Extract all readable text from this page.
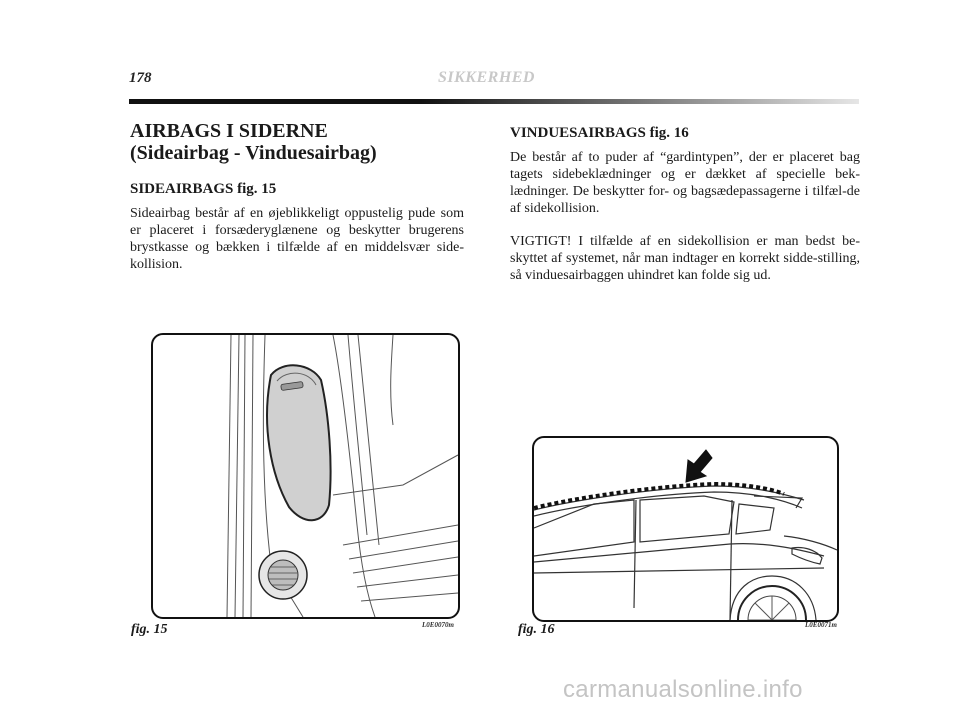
178	SIKKERHED
AIRBAGS I SIDERNE
(Sideairbag - Vinduesairbag)
SIDEAIRBAGS fig. 15

Sideairbag består af en øjeblikkeligt oppustelig pude som er placeret i forsæderyglænene og beskytter brugerens brystkasse og bækken i tilfælde af en middelsvær side-kollision.

VINDUESAIRBAGS fig. 16

De består af to puder af “gardintypen”, der er placeret bag tagets sidebeklædninger og er dækket af specielle bek-lædninger. De beskytter for- og bagsædepassagerne i tilfæl-de af sidekollision.

VIGTIGT! I tilfælde af en sidekollision er man bedst be-skyttet af systemet, når man indtager en korrekt sidde-stilling, så vinduesairbaggen uhindret kan folde sig ud.

fig. 15	L0E0070m	fig. 16	L0E0071m
carmanualsonline.info
